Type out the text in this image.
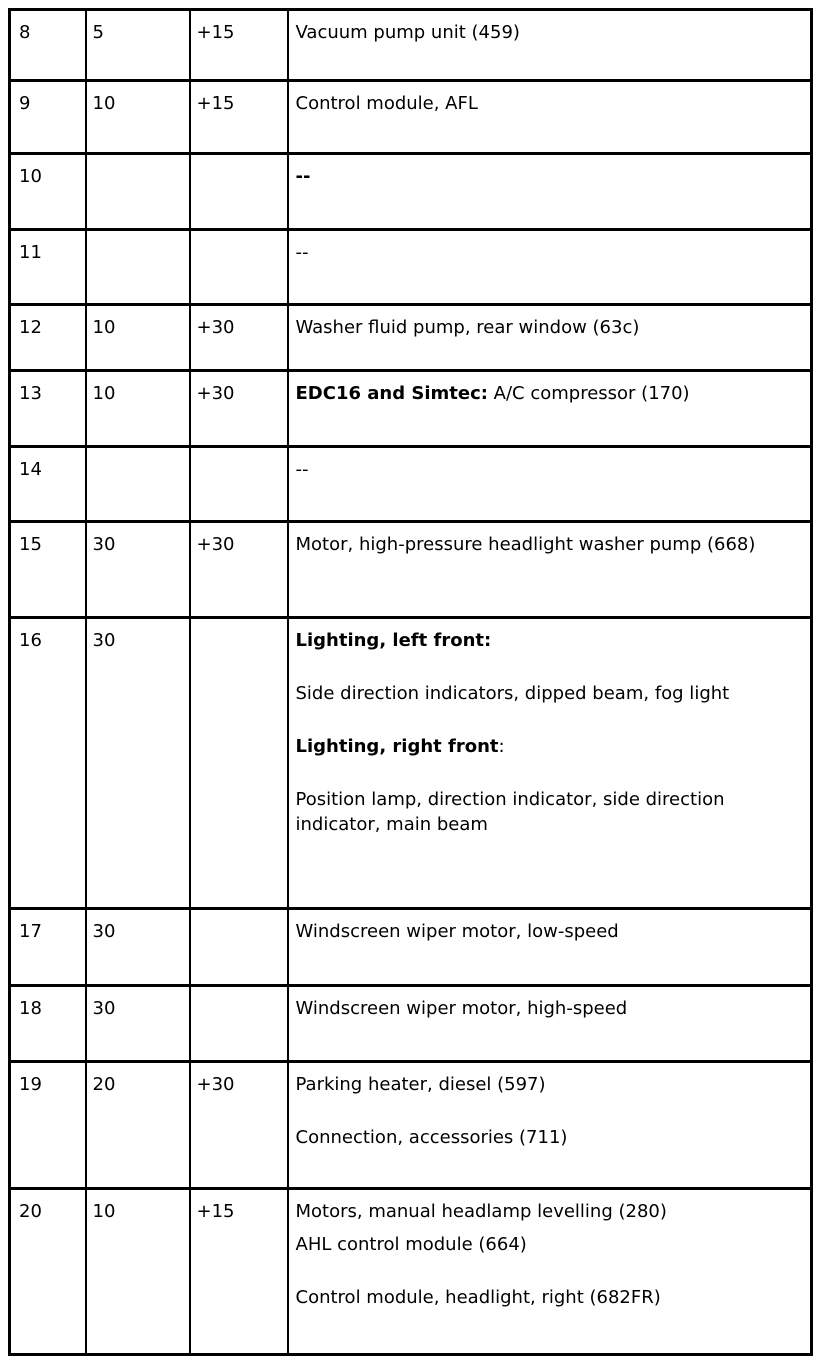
8	5	+15	Vacuum pump unit (459)

9	10	+15	Control module, AFL

10			--

11			--

12	10	+30	Washer fluid pump, rear window (63c)

13	10	+30	EDC16 and Simtec: A/C compressor (170)

14			--

15	30	+30	Motor, high-pressure headlight washer pump (668)

16	30		Lighting, left front:
Side direction indicators, dipped beam, fog light
Lighting, right front:
Position lamp, direction indicator, side direction indicator, main beam

17	30		Windscreen wiper motor, low-speed

18	30		Windscreen wiper motor, high-speed

19	20	+30	Parking heater, diesel (597)
Connection, accessories (711)

20	10	+15	Motors, manual headlamp levelling (280)
AHL control module (664)
Control module, headlight, right (682FR)
